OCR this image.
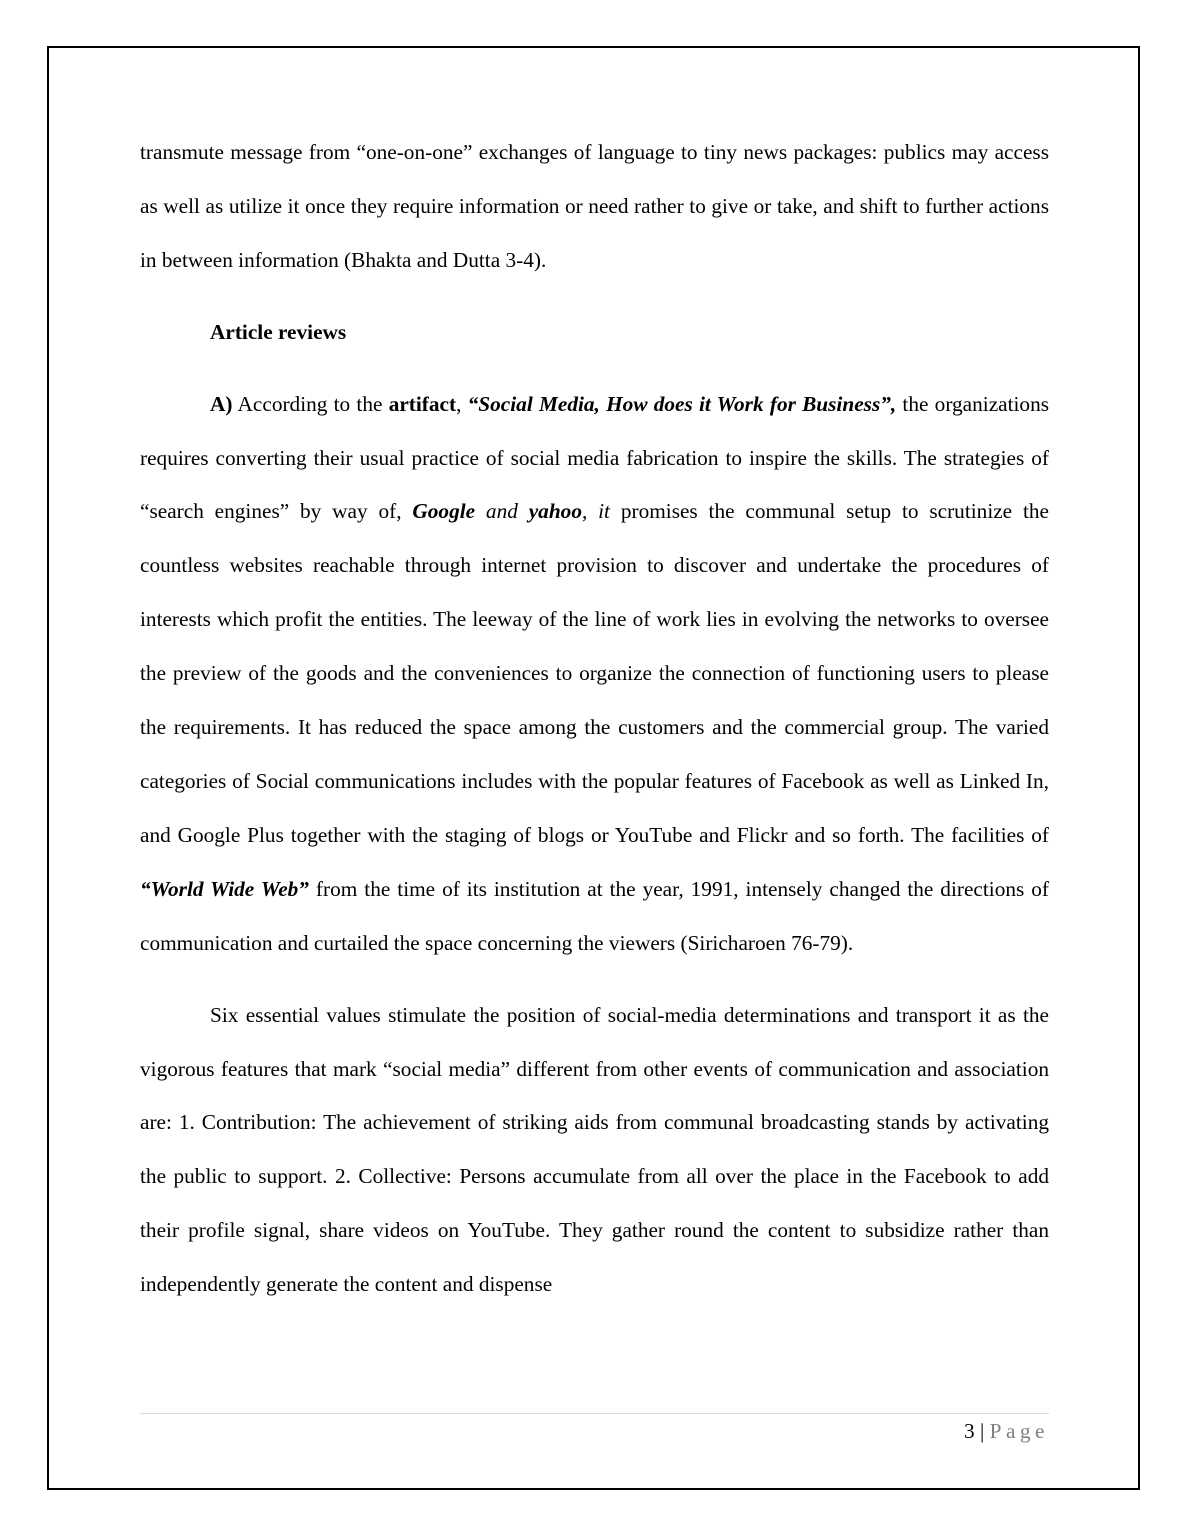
transmute message from “one-on-one” exchanges of language to tiny news packages: publics may access as well as utilize it once they require information or need rather to give or take, and shift to further actions in between information (Bhakta and Dutta 3-4).

Article reviews

A) According to the artifact, “Social Media, How does it Work for Business”, the organizations requires converting their usual practice of social media fabrication to inspire the skills. The strategies of “search engines” by way of, Google and yahoo, it promises the communal setup to scrutinize the countless websites reachable through internet provision to discover and undertake the procedures of interests which profit the entities. The leeway of the line of work lies in evolving the networks to oversee the preview of the goods and the conveniences to organize the connection of functioning users to please the requirements. It has reduced the space among the customers and the commercial group. The varied categories of Social communications includes with the popular features of Facebook as well as Linked In, and Google Plus together with the staging of blogs or YouTube and Flickr and so forth. The facilities of “World Wide Web” from the time of its institution at the year, 1991, intensely changed the directions of communication and curtailed the space concerning the viewers (Siricharoen 76-79).

Six essential values stimulate the position of social-media determinations and transport it as the vigorous features that mark “social media” different from other events of communication and association are: 1. Contribution: The achievement of striking aids from communal broadcasting stands by activating the public to support. 2. Collective: Persons accumulate from all over the place in the Facebook to add their profile signal, share videos on YouTube. They gather round the content to subsidize rather than independently generate the content and dispense

3 | Page
